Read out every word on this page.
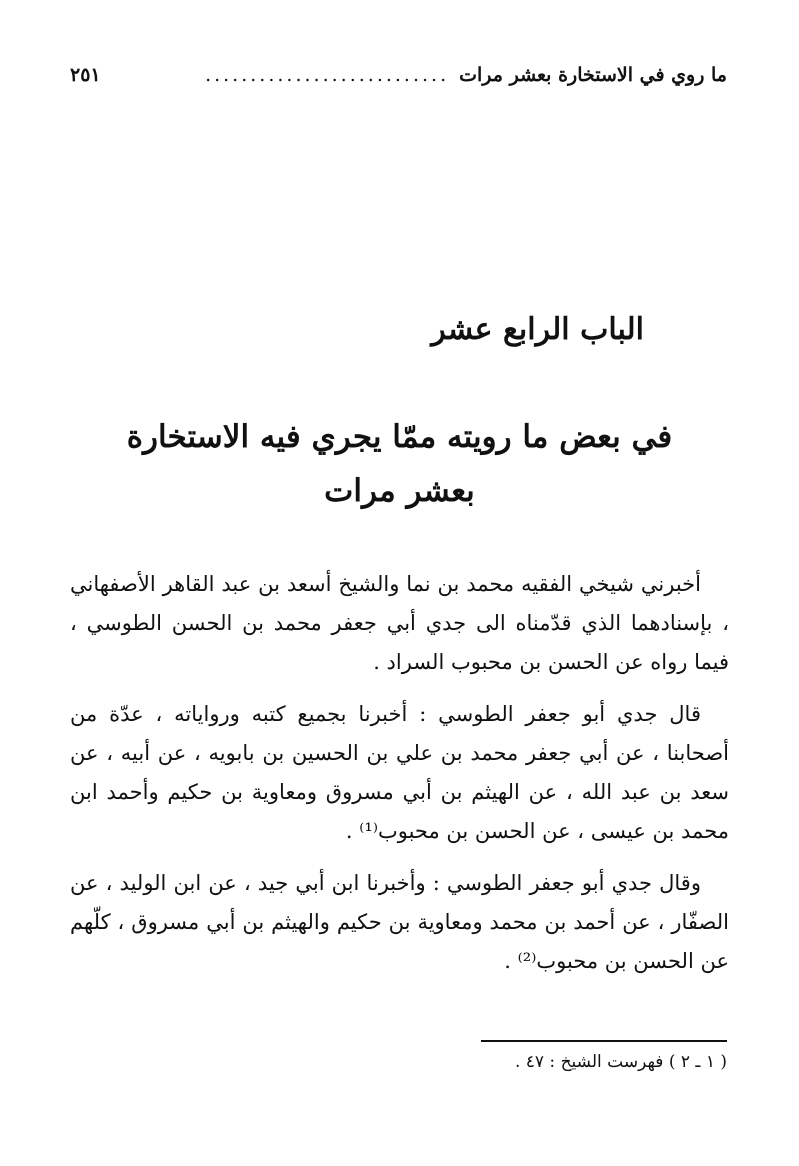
ما روي في الاستخارة بعشر مرات
...........................
٢٥١
الباب الرابع عشر
في بعض ما رويته ممّا يجري فيه الاستخارة بعشر مرات

أخبرني شيخي الفقيه محمد بن نما والشيخ أسعد بن عبد القاهر الأصفهاني ، بإسنادهما الذي قدّمناه الى جدي أبي جعفر محمد بن الحسن الطوسي ، فيما رواه عن الحسن بن محبوب السراد .

قال جدي أبو جعفر الطوسي : أخبرنا بجميع كتبه ورواياته ، عدّة من أصحابنا ، عن أبي جعفر محمد بن علي بن الحسين بن بابويه ، عن أبيه ، عن سعد بن عبد الله ، عن الهيثم بن أبي مسروق ومعاوية بن حكيم وأحمد ابن محمد بن عيسى ، عن الحسن بن محبوب⁽¹⁾ .

وقال جدي أبو جعفر الطوسي : وأخبرنا ابن أبي جيد ، عن ابن الوليد ، عن الصفّار ، عن أحمد بن محمد ومعاوية بن حكيم والهيثم بن أبي مسروق ، كلّهم عن الحسن بن محبوب⁽²⁾ .

( ١ ـ ٢ ) فهرست الشيخ : ٤٧ .
